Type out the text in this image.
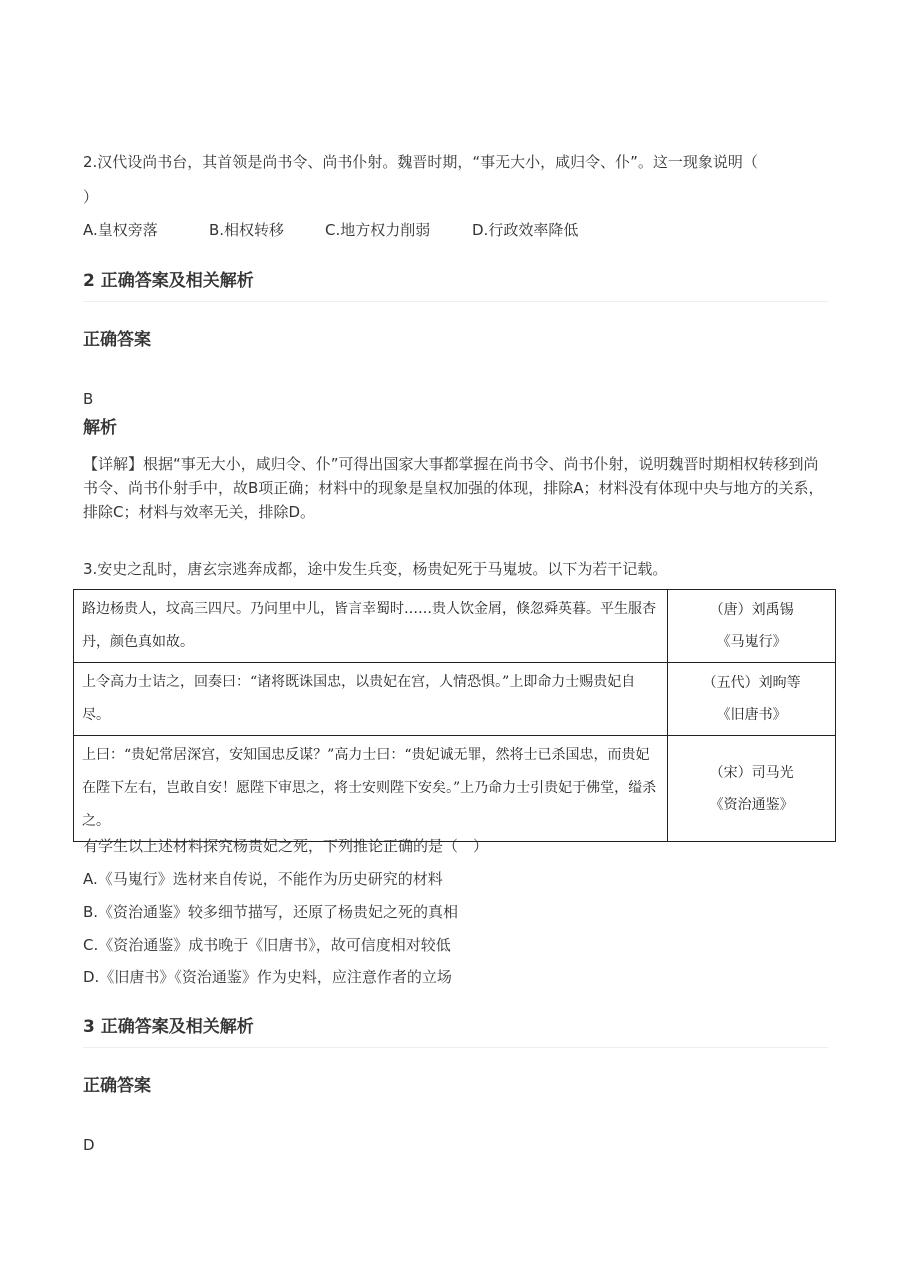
2.汉代设尚书台，其首领是尚书令、尚书仆射。魏晋时期，“事无大小，咸归令、仆”。这一现象说明（

）
A.皇权旁落	B.相权转移	C.地方权力削弱	D.行政效率降低
2 正确答案及相关解析
正确答案
B
解析

【详解】根据“事无大小，咸归令、仆”可得出国家大事都掌握在尚书令、尚书仆射，说明魏晋时期相权转移到尚书令、尚书仆射手中，故B项正确；材料中的现象是皇权加强的体现，排除A；材料没有体现中央与地方的关系，排除C；材料与效率无关，排除D。

3.安史之乱时，唐玄宗逃奔成都，途中发生兵变，杨贵妃死于马嵬坡。以下为若干记载。

路边杨贵人，坟高三四尺。乃问里中儿，皆言幸蜀时……贵人饮金屑，倏忽舜英暮。平生服杏丹，颜色真如故。	（唐）刘禹锡
《马嵬行》

上令高力士诘之，回奏曰：“诸将既诛国忠，以贵妃在宫，人情恐惧。”上即命力士赐贵妃自尽。	（五代）刘昫等
《旧唐书》

上曰：“贵妃常居深宫，安知国忠反谋？”高力士曰：“贵妃诚无罪，然将士已杀国忠，而贵妃在陛下左右，岂敢自安！愿陛下审思之，将士安则陛下安矣。”上乃命力士引贵妃于佛堂，缢杀之。	（宋）司马光
《资治通鉴》
有学生以上述材料探究杨贵妃之死，下列推论正确的是（　）
A.《马嵬行》选材来自传说，不能作为历史研究的材料
B.《资治通鉴》较多细节描写，还原了杨贵妃之死的真相
C.《资治通鉴》成书晚于《旧唐书》，故可信度相对较低
D.《旧唐书》《资治通鉴》作为史料，应注意作者的立场
3 正确答案及相关解析
正确答案
D
